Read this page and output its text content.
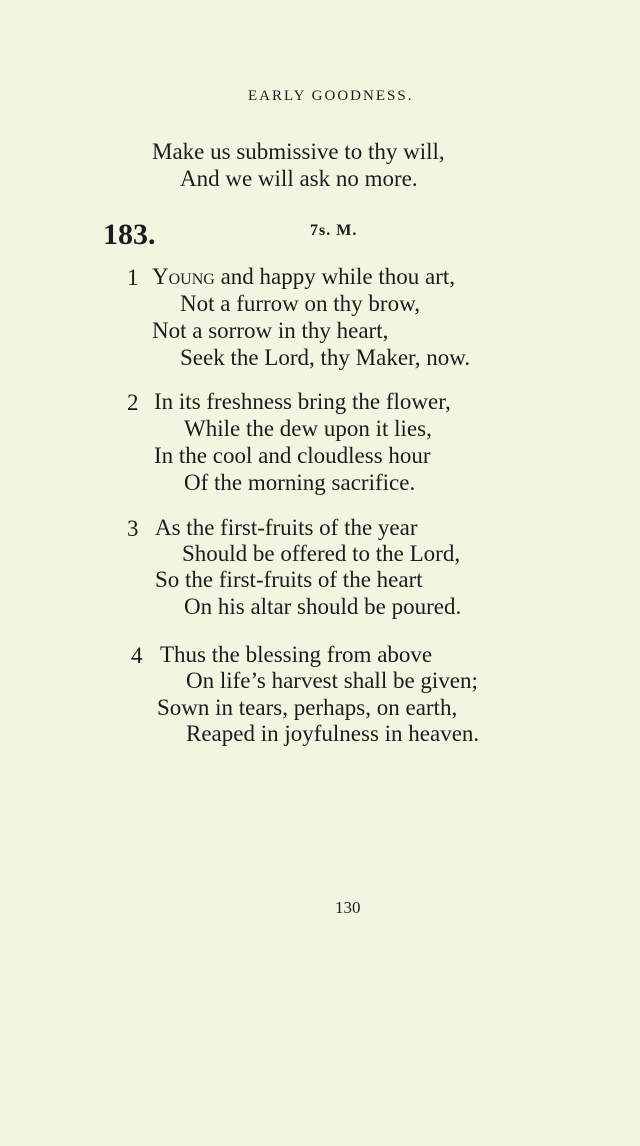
EARLY GOODNESS.
Make us submissive to thy will,
And we will ask no more.
183.	7s. M.
1 Young and happy while thou art,
Not a furrow on thy brow,
Not a sorrow in thy heart,
Seek the Lord, thy Maker, now.
2 In its freshness bring the flower,
While the dew upon it lies,
In the cool and cloudless hour
Of the morning sacrifice.
3 As the first-fruits of the year
Should be offered to the Lord,
So the first-fruits of the heart
On his altar should be poured.
4 Thus the blessing from above
On life’s harvest shall be given;
Sown in tears, perhaps, on earth,
Reaped in joyfulness in heaven.
130
